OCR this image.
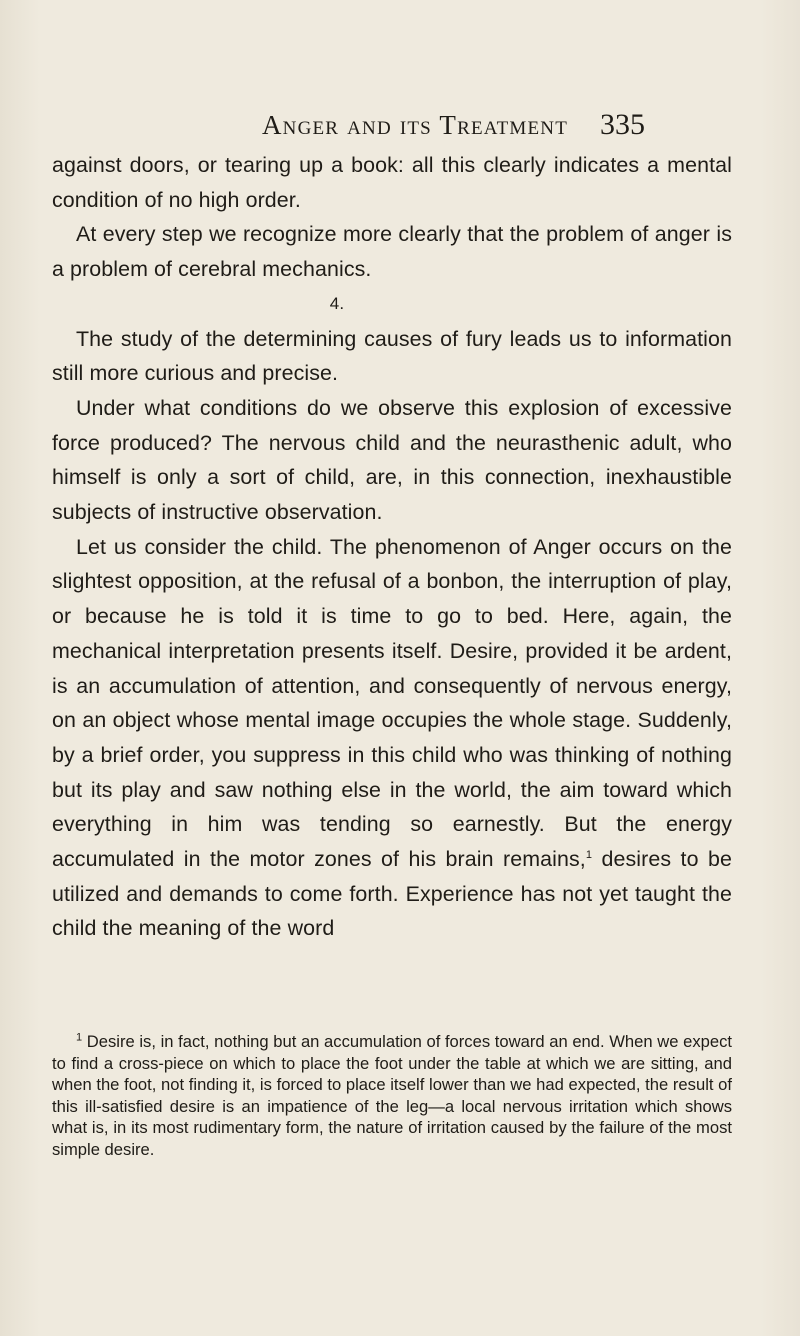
Anger and its Treatment	335

against doors, or tearing up a book: all this clearly indicates a mental condition of no high order.

At every step we recognize more clearly that the problem of anger is a problem of cerebral mechanics.

4.

The study of the determining causes of fury leads us to information still more curious and precise.

Under what conditions do we observe this explosion of excessive force produced? The nervous child and the neurasthenic adult, who himself is only a sort of child, are, in this connection, inexhaustible subjects of instructive observation.

Let us consider the child. The phenomenon of Anger occurs on the slightest opposition, at the refusal of a bonbon, the interruption of play, or because he is told it is time to go to bed. Here, again, the mechanical interpretation presents itself. Desire, provided it be ardent, is an accumulation of attention, and consequently of nervous energy, on an object whose mental image occupies the whole stage. Suddenly, by a brief order, you suppress in this child who was thinking of nothing but its play and saw nothing else in the world, the aim toward which everything in him was tending so earnestly. But the energy accumulated in the motor zones of his brain remains,$^1$ desires to be utilized and demands to come forth. Experience has not yet taught the child the meaning of the word

$^1$ Desire is, in fact, nothing but an accumulation of forces toward an end. When we expect to find a cross-piece on which to place the foot under the table at which we are sitting, and when the foot, not finding it, is forced to place itself lower than we had expected, the result of this ill-satisfied desire is an impatience of the leg—a local nervous irritation which shows what is, in its most rudimentary form, the nature of irritation caused by the failure of the most simple desire.
